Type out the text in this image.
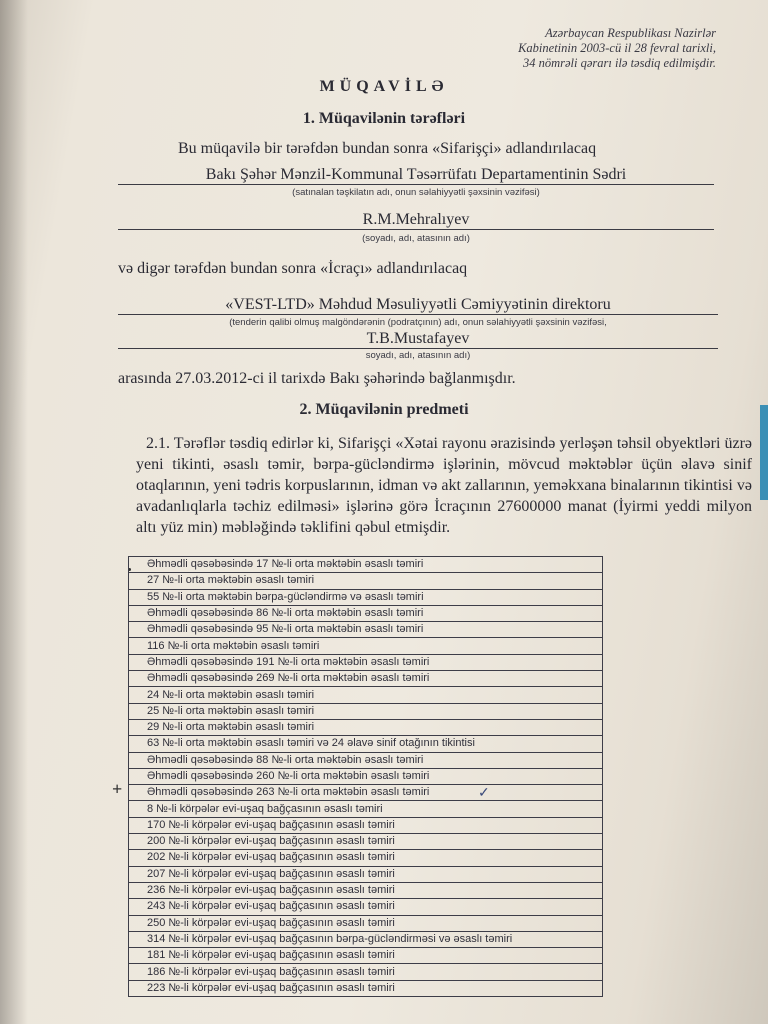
Azərbaycan Respublikası Nazirlər
Kabinetinin 2003-cü il 28 fevral tarixli,
34 nömrəli qərarı ilə təsdiq edilmişdir.
MÜQAVİLƏ
1. Müqavilənin tərəfləri
Bu müqavilə bir tərəfdən bundan sonra «Sifarişçi» adlandırılacaq
Bakı Şəhər Mənzil-Kommunal Təsərrüfatı Departamentinin Sədri
(satınalan təşkilatın adı, onun səlahiyyətli şəxsinin vəzifəsi)
R.M.Mehralıyev
(soyadı, adı, atasının adı)
və digər tərəfdən bundan sonra «İcraçı» adlandırılacaq
«VEST-LTD» Məhdud Məsuliyyətli Cəmiyyətinin direktoru
(tenderin qalibi olmuş malgöndərənin (podratçının) adı, onun səlahiyyətli şəxsinin vəzifəsi,
T.B.Mustafayev
soyadı, adı, atasının adı)
arasında 27.03.2012-ci il tarixdə Bakı şəhərində bağlanmışdır.
2. Müqavilənin predmeti
2.1. Tərəflər təsdiq edirlər ki, Sifarişçi «Xətai rayonu ərazisində yerləşən təhsil obyektləri üzrə yeni tikinti, əsaslı təmir, bərpa-gücləndirmə işlərinin, mövcud məktəblər üçün əlavə sinif otaqlarının, yeni tədris korpuslarının, idman və akt zallarının, yeməkxana binalarının tikintisi və avadanlıqlarla təchiz edilməsi» işlərinə görə İcraçının 27600000 manat (İyirmi yeddi milyon altı yüz min) məbləğində təklifini qəbul etmişdir.
Əhmədli qəsəbəsində 17 №-li orta məktəbin əsaslı təmiri
27 №-li orta məktəbin əsaslı təmiri
55 №-li orta məktəbin bərpa-gücləndirmə və əsaslı təmiri
Əhmədli qəsəbəsində 86 №-li orta məktəbin əsaslı təmiri
Əhmədli qəsəbəsində 95 №-li orta məktəbin əsaslı təmiri
116 №-li orta məktəbin əsaslı təmiri
Əhmədli qəsəbəsində 191 №-li orta məktəbin əsaslı təmiri
Əhmədli qəsəbəsində 269 №-li orta məktəbin əsaslı təmiri
24 №-li orta məktəbin əsaslı təmiri
25 №-li orta məktəbin əsaslı təmiri
29 №-li orta məktəbin əsaslı təmiri
63 №-li orta məktəbin əsaslı təmiri və 24 əlavə sinif otağının tikintisi
Əhmədli qəsəbəsində 88 №-li orta məktəbin əsaslı təmiri
Əhmədli qəsəbəsində 260 №-li orta məktəbin əsaslı təmiri
Əhmədli qəsəbəsində 263 №-li orta məktəbin əsaslı təmiri
8 №-li körpələr evi-uşaq bağçasının əsaslı təmiri
170 №-li körpələr evi-uşaq bağçasının əsaslı təmiri
200 №-li körpələr evi-uşaq bağçasının əsaslı təmiri
202 №-li körpələr evi-uşaq bağçasının əsaslı təmiri
207 №-li körpələr evi-uşaq bağçasının əsaslı təmiri
236 №-li körpələr evi-uşaq bağçasının əsaslı təmiri
243 №-li körpələr evi-uşaq bağçasının əsaslı təmiri
250 №-li körpələr evi-uşaq bağçasının əsaslı təmiri
314 №-li körpələr evi-uşaq bağçasının bərpa-gücləndirməsi və əsaslı təmiri
181 №-li körpələr evi-uşaq bağçasının əsaslı təmiri
186 №-li körpələr evi-uşaq bağçasının əsaslı təmiri
223 №-li körpələr evi-uşaq bağçasının əsaslı təmiri
+	✓
